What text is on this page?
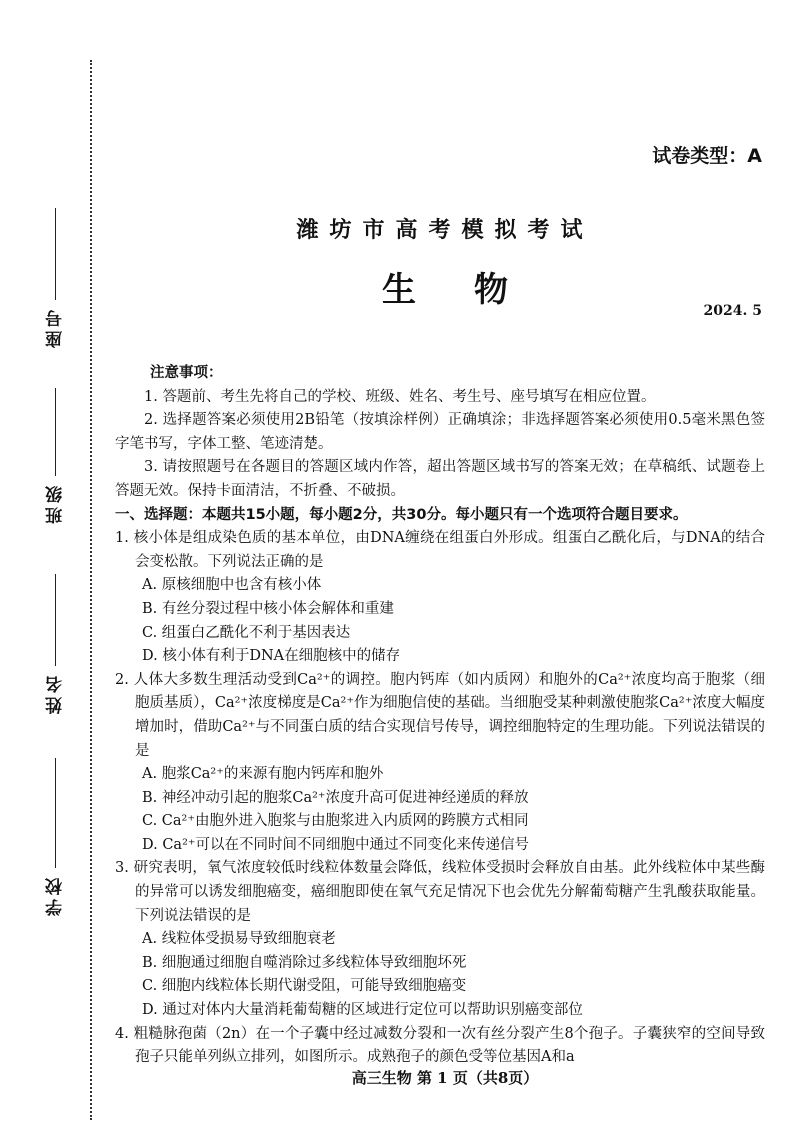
座号
班级
姓名
学校
试卷类型：A
潍坊市高考模拟考试
生物
2024. 5

注意事项：

1. 答题前、考生先将自己的学校、班级、姓名、考生号、座号填写在相应位置。

2. 选择题答案必须使用2B铅笔（按填涂样例）正确填涂；非选择题答案必须使用0.5毫米黑色签字笔书写，字体工整、笔迹清楚。

3. 请按照题号在各题目的答题区域内作答，超出答题区域书写的答案无效；在草稿纸、试题卷上答题无效。保持卡面清洁，不折叠、不破损。

一、选择题：本题共15小题，每小题2分，共30分。每小题只有一个选项符合题目要求。

1. 核小体是组成染色质的基本单位，由DNA缠绕在组蛋白外形成。组蛋白乙酰化后，与DNA的结合会变松散。下列说法正确的是

A. 原核细胞中也含有核小体

B. 有丝分裂过程中核小体会解体和重建

C. 组蛋白乙酰化不利于基因表达

D. 核小体有利于DNA在细胞核中的储存

2. 人体大多数生理活动受到Ca²⁺的调控。胞内钙库（如内质网）和胞外的Ca²⁺浓度均高于胞浆（细胞质基质），Ca²⁺浓度梯度是Ca²⁺作为细胞信使的基础。当细胞受某种刺激使胞浆Ca²⁺浓度大幅度增加时，借助Ca²⁺与不同蛋白质的结合实现信号传导，调控细胞特定的生理功能。下列说法错误的是

A. 胞浆Ca²⁺的来源有胞内钙库和胞外

B. 神经冲动引起的胞浆Ca²⁺浓度升高可促进神经递质的释放

C. Ca²⁺由胞外进入胞浆与由胞浆进入内质网的跨膜方式相同

D. Ca²⁺可以在不同时间不同细胞中通过不同变化来传递信号

3. 研究表明，氧气浓度较低时线粒体数量会降低，线粒体受损时会释放自由基。此外线粒体中某些酶的异常可以诱发细胞癌变，癌细胞即使在氧气充足情况下也会优先分解葡萄糖产生乳酸获取能量。下列说法错误的是

A. 线粒体受损易导致细胞衰老

B. 细胞通过细胞自噬消除过多线粒体导致细胞坏死

C. 细胞内线粒体长期代谢受阻，可能导致细胞癌变

D. 通过对体内大量消耗葡萄糖的区域进行定位可以帮助识别癌变部位

4. 粗糙脉孢菌（2n）在一个子囊中经过减数分裂和一次有丝分裂产生8个孢子。子囊狭窄的空间导致孢子只能单列纵立排列，如图所示。成熟孢子的颜色受等位基因A和a

高三生物 第 1 页（共8页）
